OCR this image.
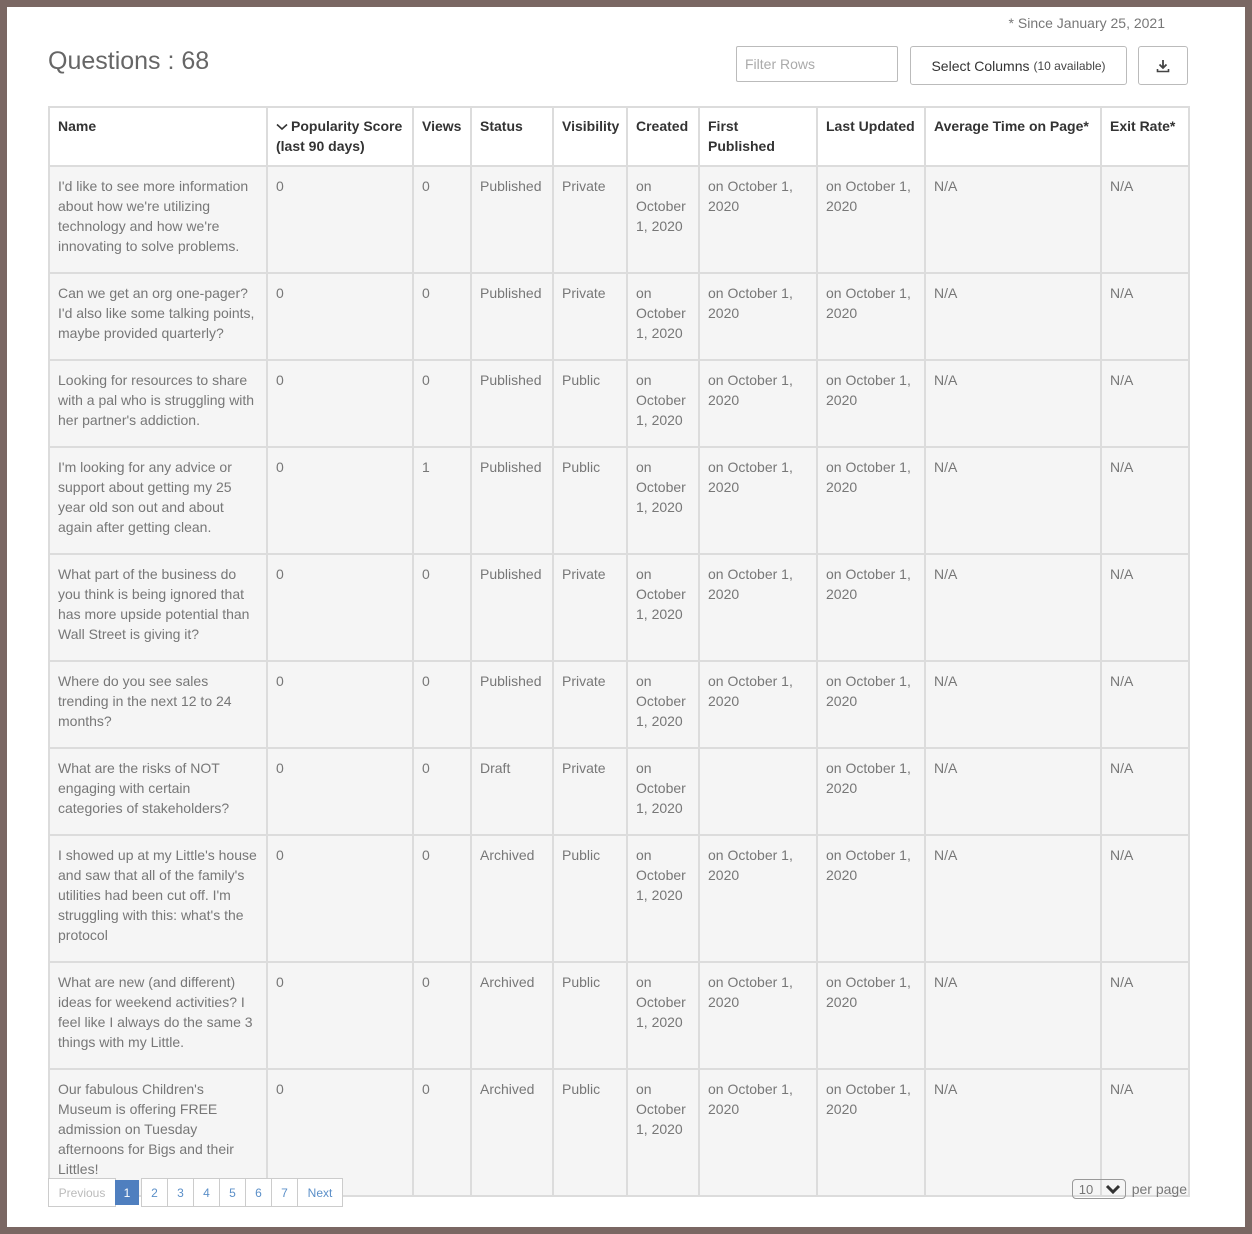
* Since January 25, 2021
Questions : 68
Filter Rows	Select Columns (10 available)
Name	Popularity Score (last 90 days)	Views	Status	Visibility	Created	First Published	Last Updated	Average Time on Page*	Exit Rate*
I'd like to see more information about how we're utilizing technology and how we're innovating to solve problems.	0	0	Published	Private	on October 1, 2020	on October 1, 2020	on October 1, 2020	N/A	N/A
Can we get an org one-pager? I'd also like some talking points, maybe provided quarterly?	0	0	Published	Private	on October 1, 2020	on October 1, 2020	on October 1, 2020	N/A	N/A
Looking for resources to share with a pal who is struggling with her partner's addiction.	0	0	Published	Public	on October 1, 2020	on October 1, 2020	on October 1, 2020	N/A	N/A
I'm looking for any advice or support about getting my 25 year old son out and about again after getting clean.	0	1	Published	Public	on October 1, 2020	on October 1, 2020	on October 1, 2020	N/A	N/A
What part of the business do you think is being ignored that has more upside potential than Wall Street is giving it?	0	0	Published	Private	on October 1, 2020	on October 1, 2020	on October 1, 2020	N/A	N/A
Where do you see sales trending in the next 12 to 24 months?	0	0	Published	Private	on October 1, 2020	on October 1, 2020	on October 1, 2020	N/A	N/A
What are the risks of NOT engaging with certain categories of stakeholders?	0	0	Draft	Private	on October 1, 2020		on October 1, 2020	N/A	N/A
I showed up at my Little's house and saw that all of the family's utilities had been cut off. I'm struggling with this: what's the protocol	0	0	Archived	Public	on October 1, 2020	on October 1, 2020	on October 1, 2020	N/A	N/A
What are new (and different) ideas for weekend activities? I feel like I always do the same 3 things with my Little.	0	0	Archived	Public	on October 1, 2020	on October 1, 2020	on October 1, 2020	N/A	N/A
Our fabulous Children's Museum is offering FREE admission on Tuesday afternoons for Bigs and their Littles!	0	0	Archived	Public	on October 1, 2020	on October 1, 2020	on October 1, 2020	N/A	N/A
Previous	1	2	3	4	5	6	7	Next	10	per page
